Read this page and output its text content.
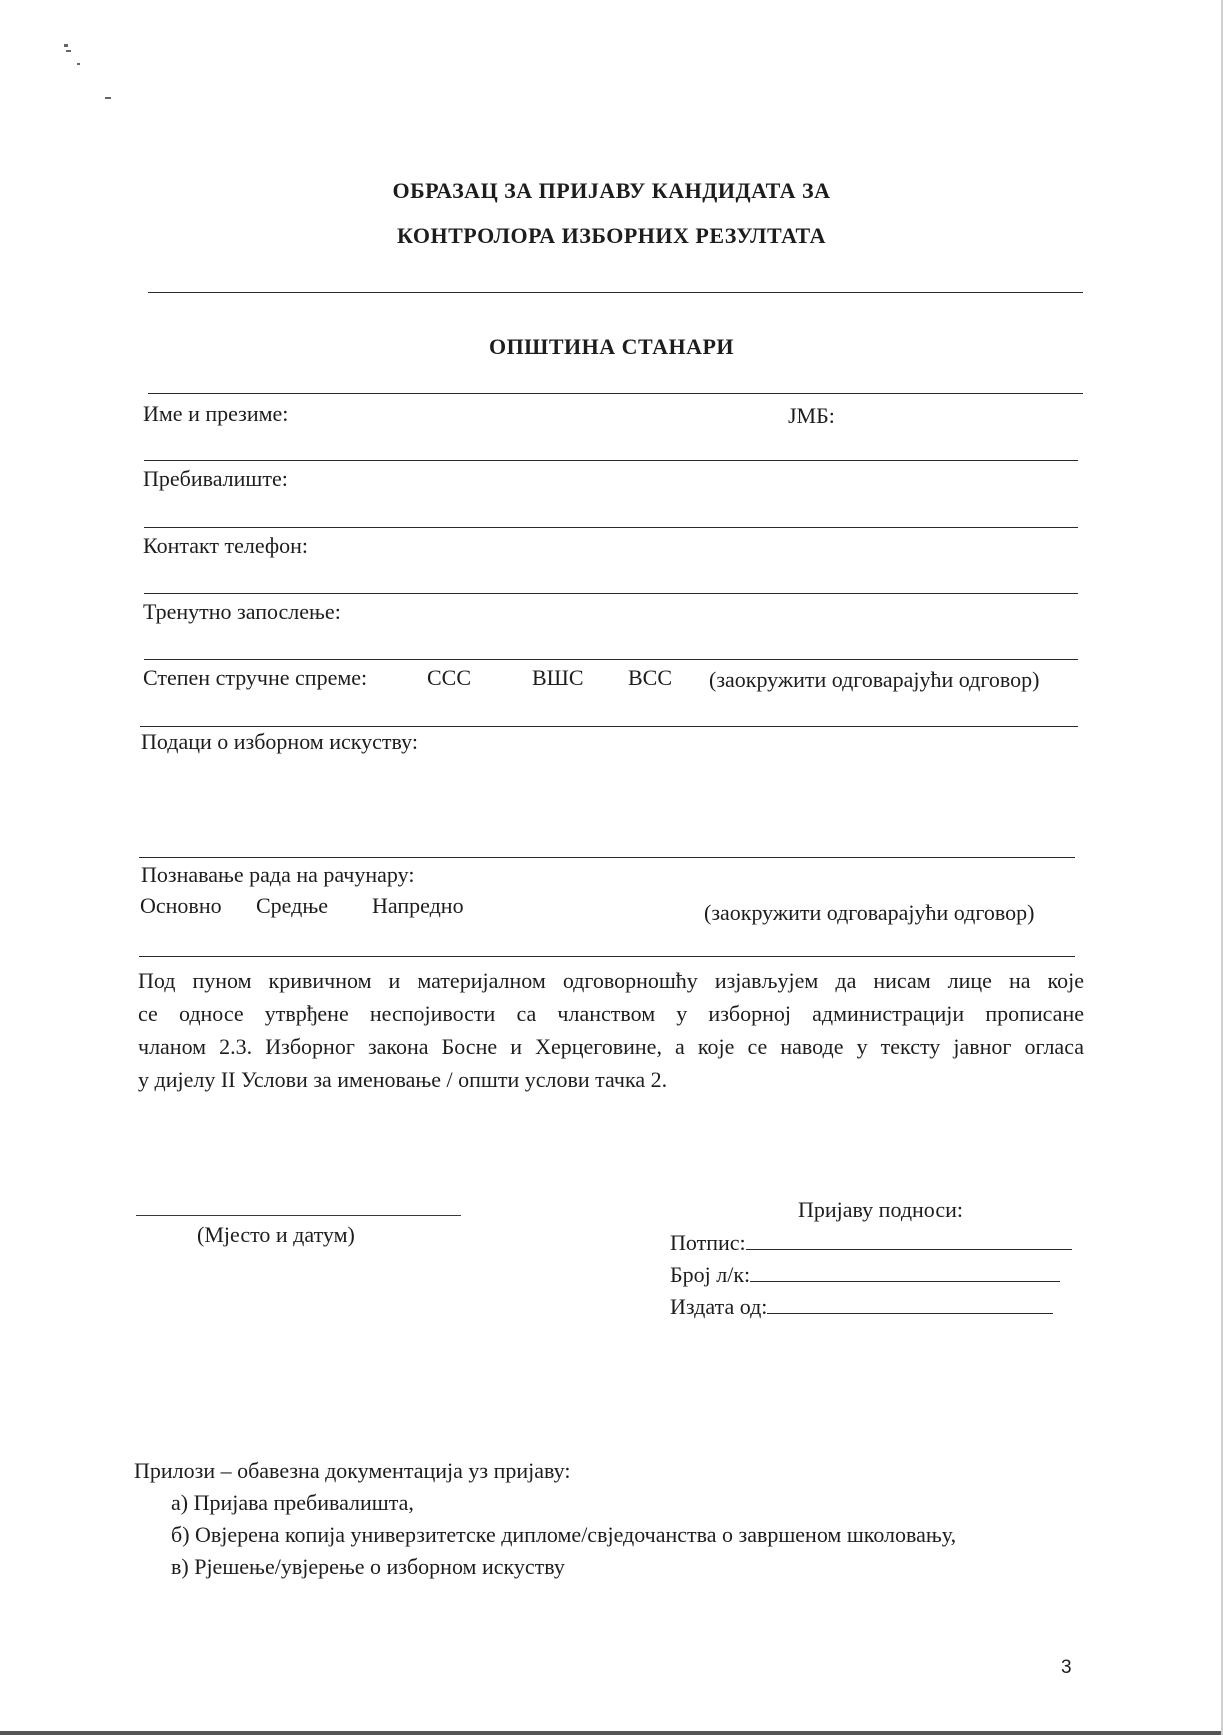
ОБРАЗАЦ ЗА ПРИЈАВУ КАНДИДАТА ЗА
КОНТРОЛОРА ИЗБОРНИХ РЕЗУЛТАТА
ОПШТИНА СТАНАРИ
Име и презиме:	ЈМБ:
Пребивалиште:
Контакт телефон:
Тренутно запослење:
Степен стручне спреме:	ССС	ВШС ВСС (заокружити одговарајући одговор)
Подаци о изборном искуству:
Познавање рада на рачунару:
Основно Средње Напредно	(заокружити одговарајући одговор)
Под пуном кривичном и материјалном одговорношћу изјављујем да нисам лице на које
се односе утврђене неспојивости са чланством у изборној администрацији прописане
чланом 2.3. Изборног закона Босне и Херцеговине, а које се наводе у тексту јавног огласа
у дијелу II Услови за именовање / општи услови тачка 2.
(Мјесто и датум)
Пријаву подноси:
Потпис:
Број л/к:
Издата од:
Прилози – обавезна документација уз пријаву:
а) Пријава пребивалишта,
б) Овјерена копија универзитетске дипломе/свједочанства о завршеном школовању,
в) Рјешење/увјерење о изборном искуству
3
